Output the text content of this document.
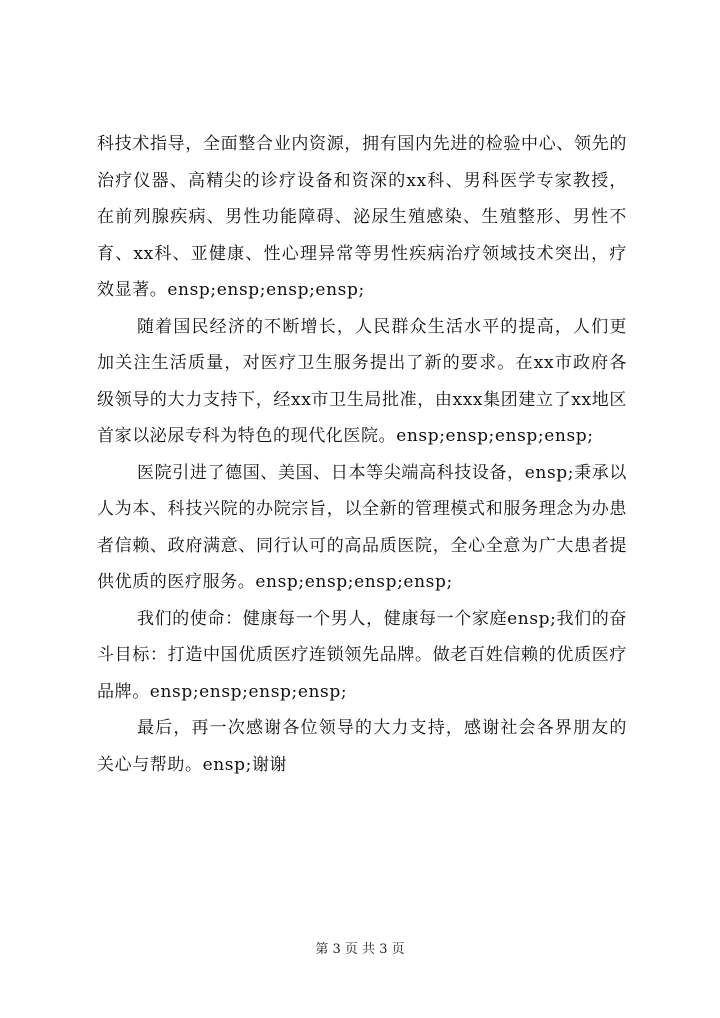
科技术指导，全面整合业内资源，拥有国内先进的检验中心、领先的治疗仪器、高精尖的诊疗设备和资深的xx科、男科医学专家教授，在前列腺疾病、男性功能障碍、泌尿生殖感染、生殖整形、男性不育、xx科、亚健康、性心理异常等男性疾病治疗领域技术突出，疗效显著。ensp;ensp;ensp;ensp;

随着国民经济的不断增长，人民群众生活水平的提高，人们更加关注生活质量，对医疗卫生服务提出了新的要求。在xx市政府各级领导的大力支持下，经xx市卫生局批准，由xxx集团建立了xx地区首家以泌尿专科为特色的现代化医院。ensp;ensp;ensp;ensp;

医院引进了德国、美国、日本等尖端高科技设备，ensp;秉承以人为本、科技兴院的办院宗旨，以全新的管理模式和服务理念为办患者信赖、政府满意、同行认可的高品质医院，全心全意为广大患者提供优质的医疗服务。ensp;ensp;ensp;ensp;

我们的使命：健康每一个男人，健康每一个家庭ensp;我们的奋斗目标：打造中国优质医疗连锁领先品牌。做老百姓信赖的优质医疗品牌。ensp;ensp;ensp;ensp;

最后，再一次感谢各位领导的大力支持，感谢社会各界朋友的关心与帮助。ensp;谢谢

第 3 页 共 3 页
